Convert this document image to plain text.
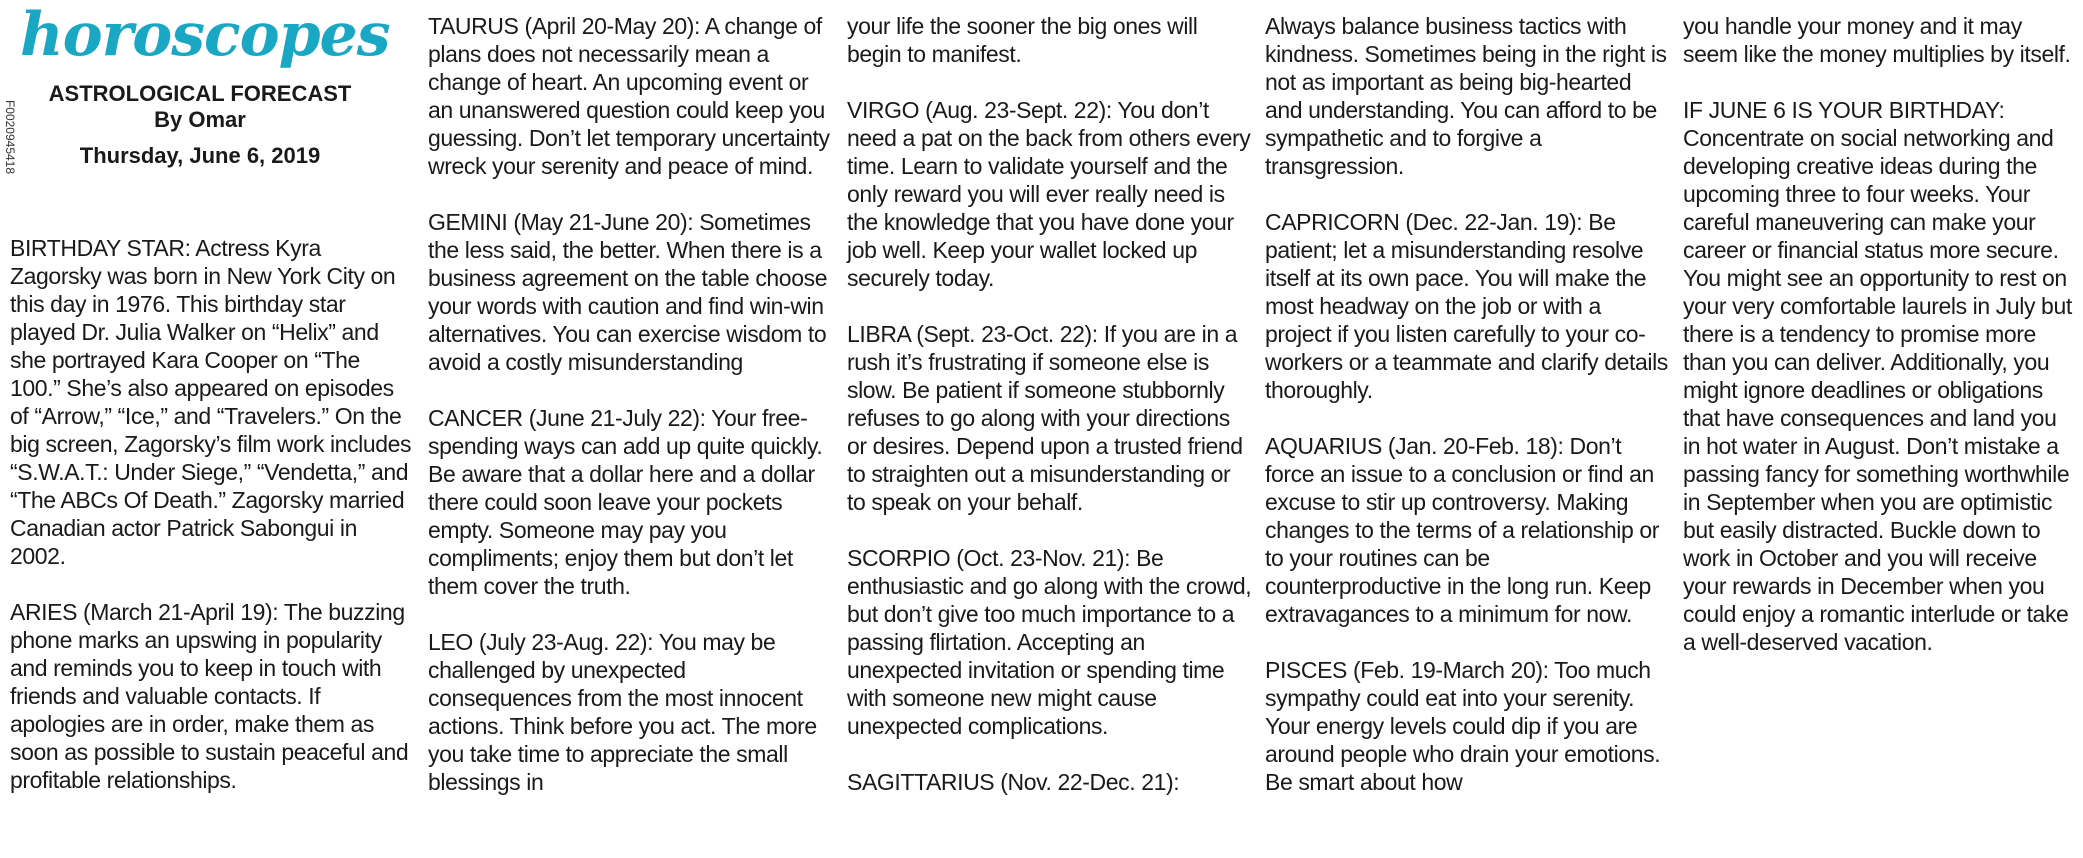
horoscopes
ASTROLOGICAL FORECAST
By Omar
Thursday, June 6, 2019
F002094541​8

BIRTHDAY STAR: Actress Kyra Zagorsky was born in New York City on this day in 1976. This birthday star played Dr. Julia Walker on “Helix” and she portrayed Kara Cooper on “The 100.” She’s also appeared on episodes of “Arrow,” “Ice,” and “Travelers.” On the big screen, Zagorsky’s film work includes “S.W.A.T.: Under Siege,” “Vendetta,” and “The ABCs Of Death.” Zagorsky married Canadian actor Patrick Sabongui in 2002.

ARIES (March 21-April 19): The buzzing phone marks an upswing in popularity and reminds you to keep in touch with friends and valuable contacts. If apologies are in order, make them as soon as possible to sustain peaceful and profitable relationships.

TAURUS (April 20-May 20): A change of plans does not necessarily mean a change of heart. An upcoming event or an unanswered question could keep you guessing. Don’t let temporary uncertainty wreck your serenity and peace of mind.

GEMINI (May 21-June 20): Sometimes the less said, the better. When there is a business agreement on the table choose your words with caution and find win-win alternatives. You can exercise wisdom to avoid a costly misunderstanding

CANCER (June 21-July 22): Your free-spending ways can add up quite quickly. Be aware that a dollar here and a dollar there could soon leave your pockets empty. Someone may pay you compliments; enjoy them but don’t let them cover the truth.

LEO (July 23-Aug. 22): You may be challenged by unexpected consequences from the most innocent actions. Think before you act. The more you take time to appreciate the small blessings in

your life the sooner the big ones will begin to manifest.

VIRGO (Aug. 23-Sept. 22): You don’t need a pat on the back from others every time. Learn to validate yourself and the only reward you will ever really need is the knowledge that you have done your job well. Keep your wallet locked up securely today.

LIBRA (Sept. 23-Oct. 22): If you are in a rush it’s frustrating if someone else is slow. Be patient if someone stubbornly refuses to go along with your directions or desires. Depend upon a trusted friend to straighten out a misunderstanding or to speak on your behalf.

SCORPIO (Oct. 23-Nov. 21): Be enthusiastic and go along with the crowd, but don’t give too much importance to a passing flirtation. Accepting an unexpected invitation or spending time with someone new might cause unexpected complications.

SAGITTARIUS (Nov. 22-Dec. 21):

Always balance business tactics with kindness. Sometimes being in the right is not as important as being big-hearted and understanding. You can afford to be sympathetic and to forgive a transgression.

CAPRICORN (Dec. 22-Jan. 19): Be patient; let a misunderstanding resolve itself at its own pace. You will make the most headway on the job or with a project if you listen carefully to your co-workers or a teammate and clarify details thoroughly.

AQUARIUS (Jan. 20-Feb. 18): Don’t force an issue to a conclusion or find an excuse to stir up controversy. Making changes to the terms of a relationship or to your routines can be counterproductive in the long run. Keep extravagances to a minimum for now.

PISCES (Feb. 19-March 20): Too much sympathy could eat into your serenity. Your energy levels could dip if you are around people who drain your emotions. Be smart about how

you handle your money and it may seem like the money multiplies by itself.

IF JUNE 6 IS YOUR BIRTHDAY: Concentrate on social networking and developing creative ideas during the upcoming three to four weeks. Your careful maneuvering can make your career or financial status more secure. You might see an opportunity to rest on your very comfortable laurels in July but there is a tendency to promise more than you can deliver. Additionally, you might ignore deadlines or obligations that have consequences and land you in hot water in August. Don’t mistake a passing fancy for something worthwhile in September when you are optimistic but easily distracted. Buckle down to work in October and you will receive your rewards in December when you could enjoy a romantic interlude or take a well-deserved vacation.
